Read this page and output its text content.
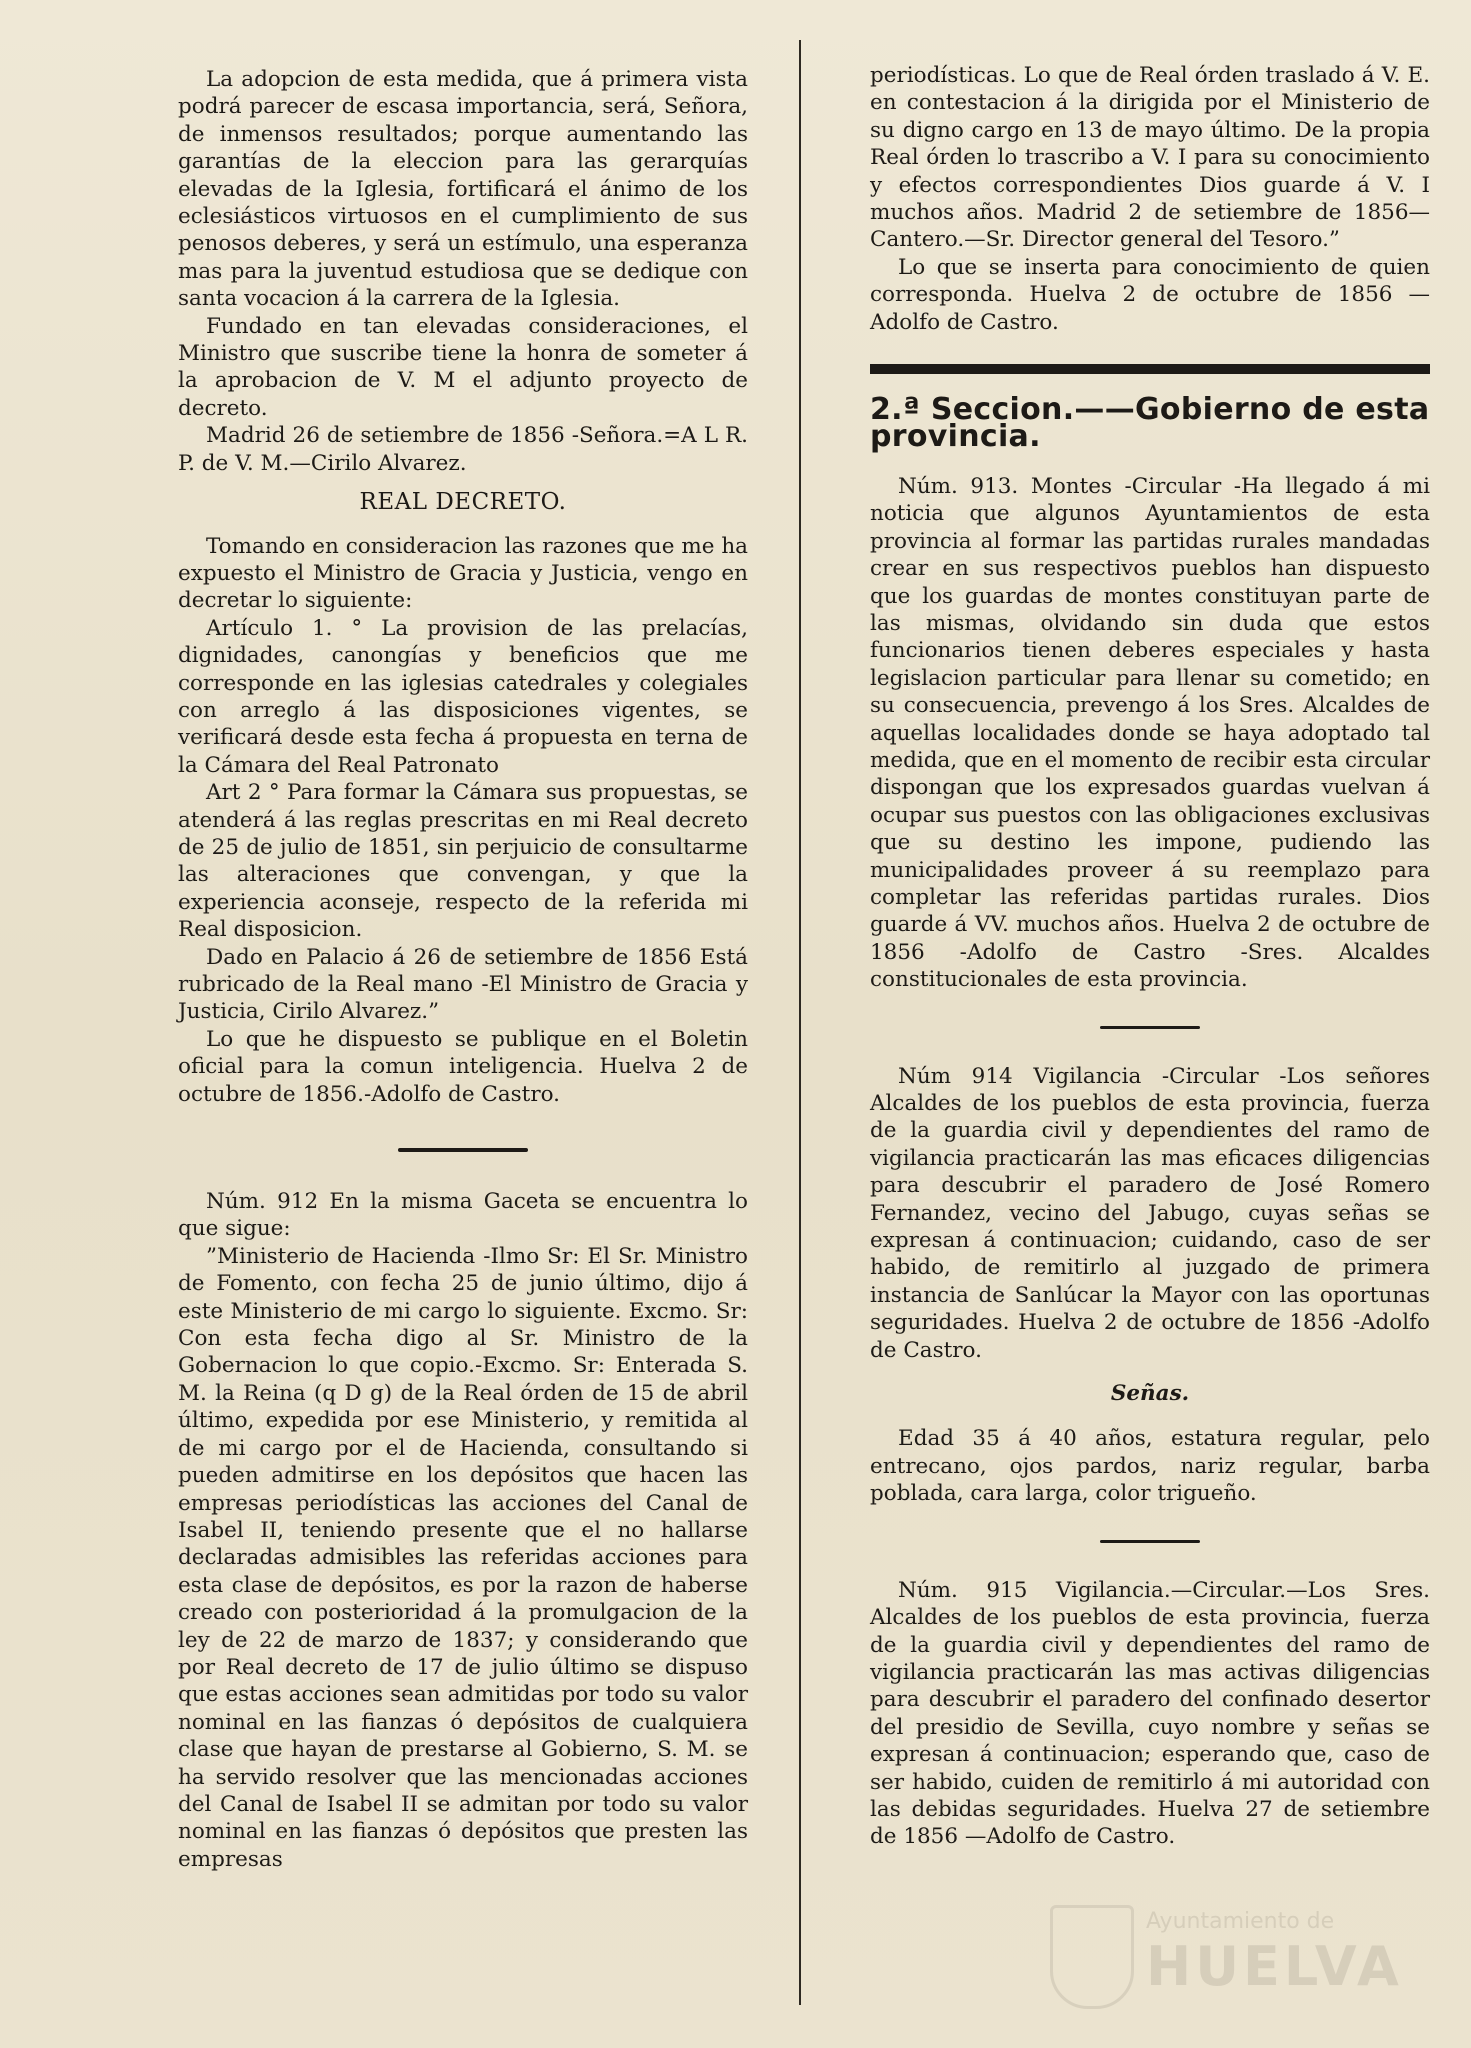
La adopcion de esta medida, que á primera vista podrá parecer de escasa importancia, será, Señora, de inmensos resultados; porque aumentando las garantías de la eleccion para las gerarquías elevadas de la Iglesia, fortificará el ánimo de los eclesiásticos virtuosos en el cumplimiento de sus penosos deberes, y será un estímulo, una esperanza mas para la juventud estudiosa que se dedique con santa vocacion á la carrera de la Iglesia.

Fundado en tan elevadas consideraciones, el Ministro que suscribe tiene la honra de someter á la aprobacion de V. M el adjunto proyecto de decreto.

Madrid 26 de setiembre de 1856 -Señora.=A L R. P. de V. M.—Cirilo Alvarez.

REAL DECRETO.

Tomando en consideracion las razones que me ha expuesto el Ministro de Gracia y Justicia, vengo en decretar lo siguiente:

Artículo 1. ° La provision de las prelacías, dignidades, canongías y beneficios que me corresponde en las iglesias catedrales y colegiales con arreglo á las disposiciones vigentes, se verificará desde esta fecha á propuesta en terna de la Cámara del Real Patronato

Art 2 ° Para formar la Cámara sus propuestas, se atenderá á las reglas prescritas en mi Real decreto de 25 de julio de 1851, sin perjuicio de consultarme las alteraciones que convengan, y que la experiencia aconseje, respecto de la referida mi Real disposicion.

Dado en Palacio á 26 de setiembre de 1856 Está rubricado de la Real mano -El Ministro de Gracia y Justicia, Cirilo Alvarez.”

Lo que he dispuesto se publique en el Boletin oficial para la comun inteligencia. Huelva 2 de octubre de 1856.-Adolfo de Castro.

Núm. 912 En la misma Gaceta se encuentra lo que sigue:

”Ministerio de Hacienda -Ilmo Sr: El Sr. Ministro de Fomento, con fecha 25 de junio último, dijo á este Ministerio de mi cargo lo siguiente. Excmo. Sr: Con esta fecha digo al Sr. Ministro de la Gobernacion lo que copio.-Excmo. Sr: Enterada S. M. la Reina (q D g) de la Real órden de 15 de abril último, expedida por ese Ministerio, y remitida al de mi cargo por el de Hacienda, consultando si pueden admitirse en los depósitos que hacen las empresas periodísticas las acciones del Canal de Isabel II, teniendo presente que el no hallarse declaradas admisibles las referidas acciones para esta clase de depósitos, es por la razon de haberse creado con posterioridad á la promulgacion de la ley de 22 de marzo de 1837; y considerando que por Real decreto de 17 de julio último se dispuso que estas acciones sean admitidas por todo su valor nominal en las fianzas ó depósitos de cualquiera clase que hayan de prestarse al Gobierno, S. M. se ha servido resolver que las mencionadas acciones del Canal de Isabel II se admitan por todo su valor nominal en las fianzas ó depósitos que presten las empresas

periodísticas. Lo que de Real órden traslado á V. E. en contestacion á la dirigida por el Ministerio de su digno cargo en 13 de mayo último. De la propia Real órden lo trascribo a V. I para su conocimiento y efectos correspondientes Dios guarde á V. I muchos años. Madrid 2 de setiembre de 1856—Cantero.—Sr. Director general del Tesoro.”

Lo que se inserta para conocimiento de quien corresponda. Huelva 2 de octubre de 1856 —Adolfo de Castro.

2.ª Seccion.——Gobierno de esta provincia.

Núm. 913. Montes -Circular -Ha llegado á mi noticia que algunos Ayuntamientos de esta provincia al formar las partidas rurales mandadas crear en sus respectivos pueblos han dispuesto que los guardas de montes constituyan parte de las mismas, olvidando sin duda que estos funcionarios tienen deberes especiales y hasta legislacion particular para llenar su cometido; en su consecuencia, prevengo á los Sres. Alcaldes de aquellas localidades donde se haya adoptado tal medida, que en el momento de recibir esta circular dispongan que los expresados guardas vuelvan á ocupar sus puestos con las obligaciones exclusivas que su destino les impone, pudiendo las municipalidades proveer á su reemplazo para completar las referidas partidas rurales. Dios guarde á VV. muchos años. Huelva 2 de octubre de 1856 -Adolfo de Castro -Sres. Alcaldes constitucionales de esta provincia.

Núm 914 Vigilancia -Circular -Los señores Alcaldes de los pueblos de esta provincia, fuerza de la guardia civil y dependientes del ramo de vigilancia practicarán las mas eficaces diligencias para descubrir el paradero de José Romero Fernandez, vecino del Jabugo, cuyas señas se expresan á continuacion; cuidando, caso de ser habido, de remitirlo al juzgado de primera instancia de Sanlúcar la Mayor con las oportunas seguridades. Huelva 2 de octubre de 1856 -Adolfo de Castro.

Señas.

Edad 35 á 40 años, estatura regular, pelo entrecano, ojos pardos, nariz regular, barba poblada, cara larga, color trigueño.

Núm. 915 Vigilancia.—Circular.—Los Sres. Alcaldes de los pueblos de esta provincia, fuerza de la guardia civil y dependientes del ramo de vigilancia practicarán las mas activas diligencias para descubrir el paradero del confinado desertor del presidio de Sevilla, cuyo nombre y señas se expresan á continuacion; esperando que, caso de ser habido, cuiden de remitirlo á mi autoridad con las debidas seguridades. Huelva 27 de setiembre de 1856 —Adolfo de Castro.

Ayuntamiento de
HUELVA
